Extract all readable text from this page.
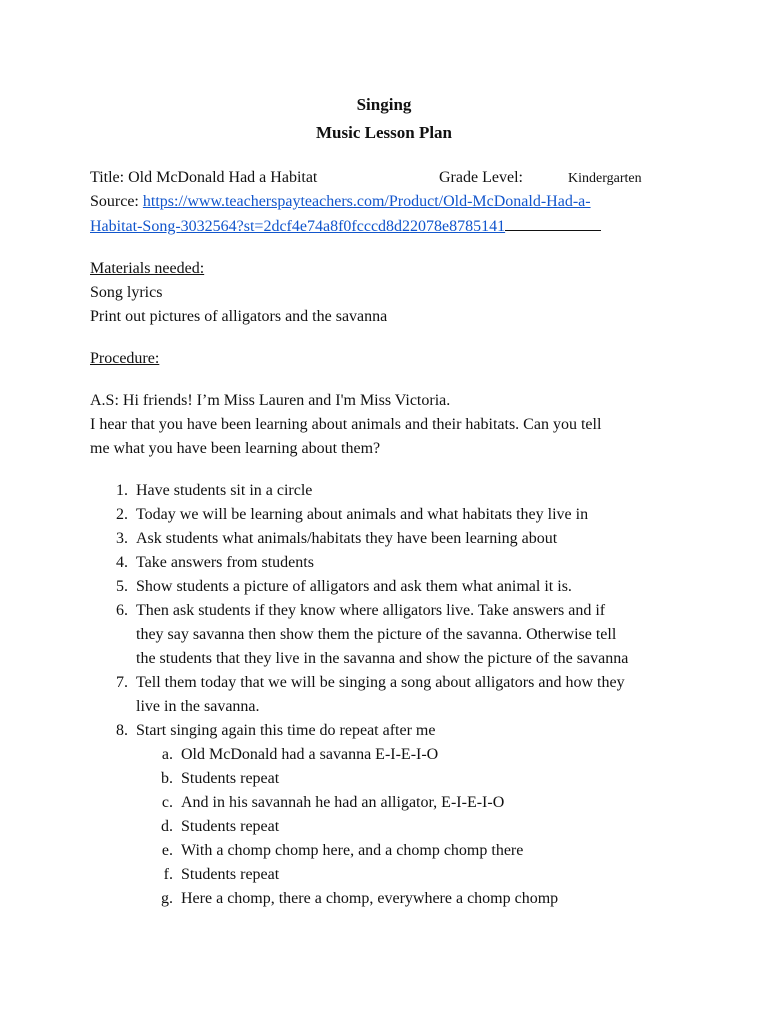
Singing
Music Lesson Plan
Title: Old McDonald Had a Habitat	Grade Level:	Kindergarten
Source: https://www.teacherspayteachers.com/Product/Old-McDonald-Had-a-
Habitat-Song-3032564?st=2dcf4e74a8f0fcccd8d22078e8785141
Materials needed:
Song lyrics
Print out pictures of alligators and the savanna
Procedure:
A.S: Hi friends! I’m Miss Lauren and I'm Miss Victoria.
I hear that you have been learning about animals and their habitats. Can you tell
me what you have been learning about them?
1. Have students sit in a circle
2. Today we will be learning about animals and what habitats they live in
3. Ask students what animals/habitats they have been learning about
4. Take answers from students
5. Show students a picture of alligators and ask them what animal it is.
6. Then ask students if they know where alligators live. Take answers and if
they say savanna then show them the picture of the savanna. Otherwise tell
the students that they live in the savanna and show the picture of the savanna
7. Tell them today that we will be singing a song about alligators and how they
live in the savanna.
8. Start singing again this time do repeat after me
a. Old McDonald had a savanna E-I-E-I-O
b. Students repeat
c. And in his savannah he had an alligator, E-I-E-I-O
d. Students repeat
e. With a chomp chomp here, and a chomp chomp there
f. Students repeat
g. Here a chomp, there a chomp, everywhere a chomp chomp
